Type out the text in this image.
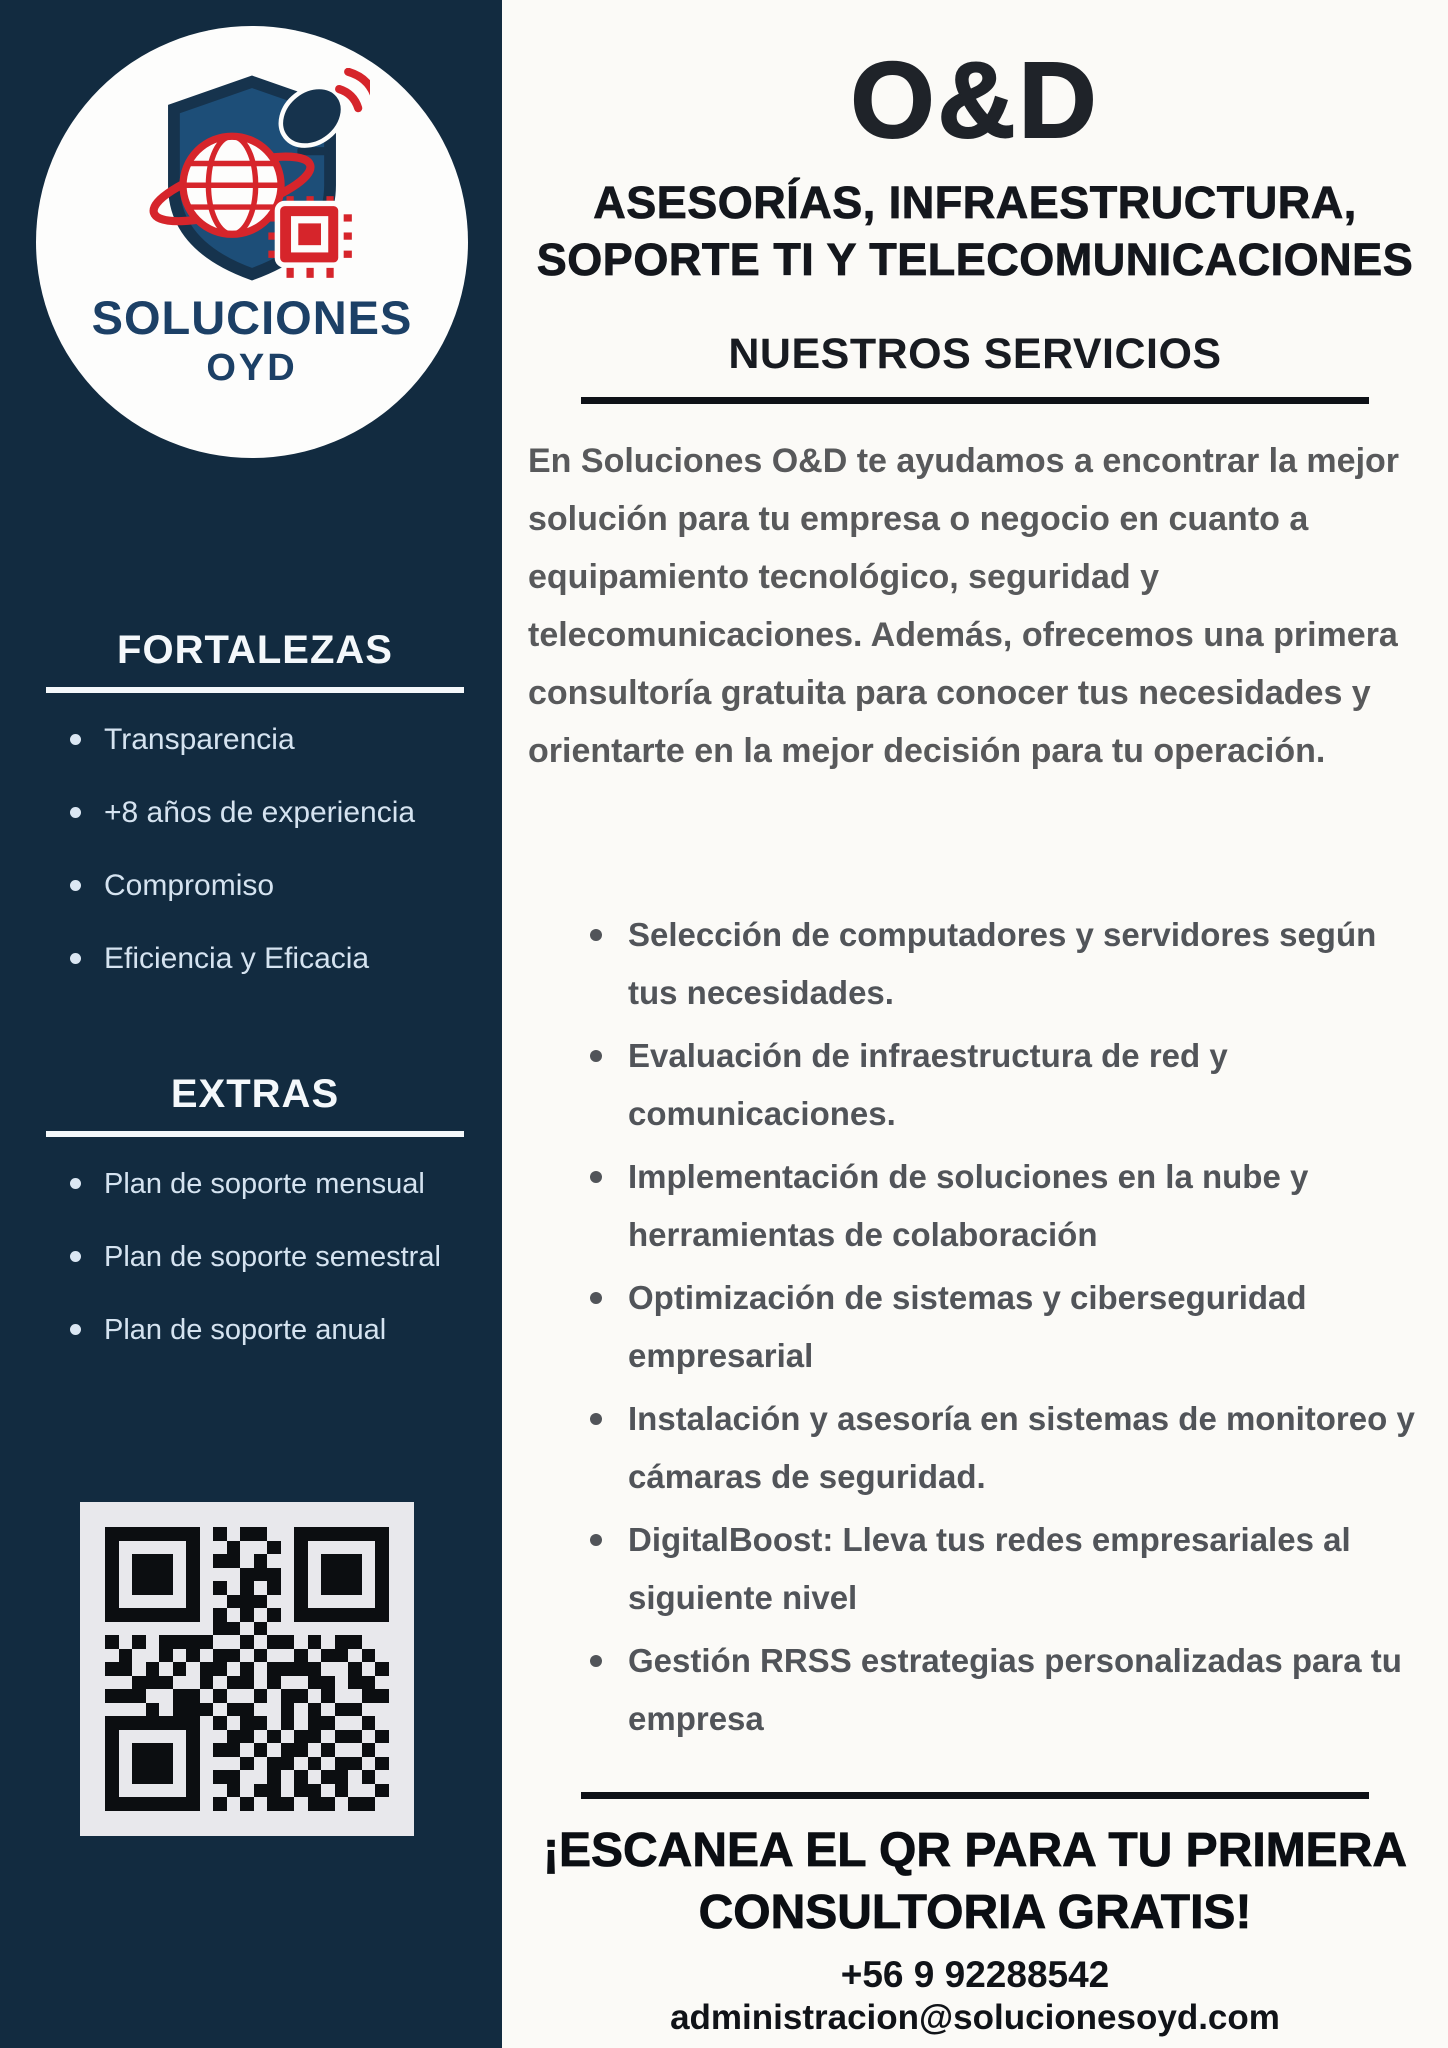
SOLUCIONES
OYD
FORTALEZAS
Transparencia
+8 años de experiencia
Compromiso
Eficiencia y Eficacia
EXTRAS
Plan de soporte mensual
Plan de soporte semestral
Plan de soporte anual
O&D
ASESORÍAS, INFRAESTRUCTURA,
SOPORTE TI Y TELECOMUNICACIONES
NUESTROS SERVICIOS

En Soluciones O&D te ayudamos a encontrar la mejor solución para tu empresa o negocio en cuanto a equipamiento tecnológico, seguridad y telecomunicaciones. Además, ofrecemos una primera consultoría gratuita para conocer tus necesidades y orientarte en la mejor decisión para tu operación.

Selección de computadores y servidores según tus necesidades.
Evaluación de infraestructura de red y comunicaciones.
Implementación de soluciones en la nube y herramientas de colaboración
Optimización de sistemas y ciberseguridad empresarial
Instalación y asesoría en sistemas de monitoreo y cámaras de seguridad.
DigitalBoost: Lleva tus redes empresariales al siguiente nivel
Gestión RRSS estrategias personalizadas para tu empresa
¡ESCANEA EL QR PARA TU PRIMERA
CONSULTORIA GRATIS!
+56 9 92288542
administracion@solucionesoyd.com
